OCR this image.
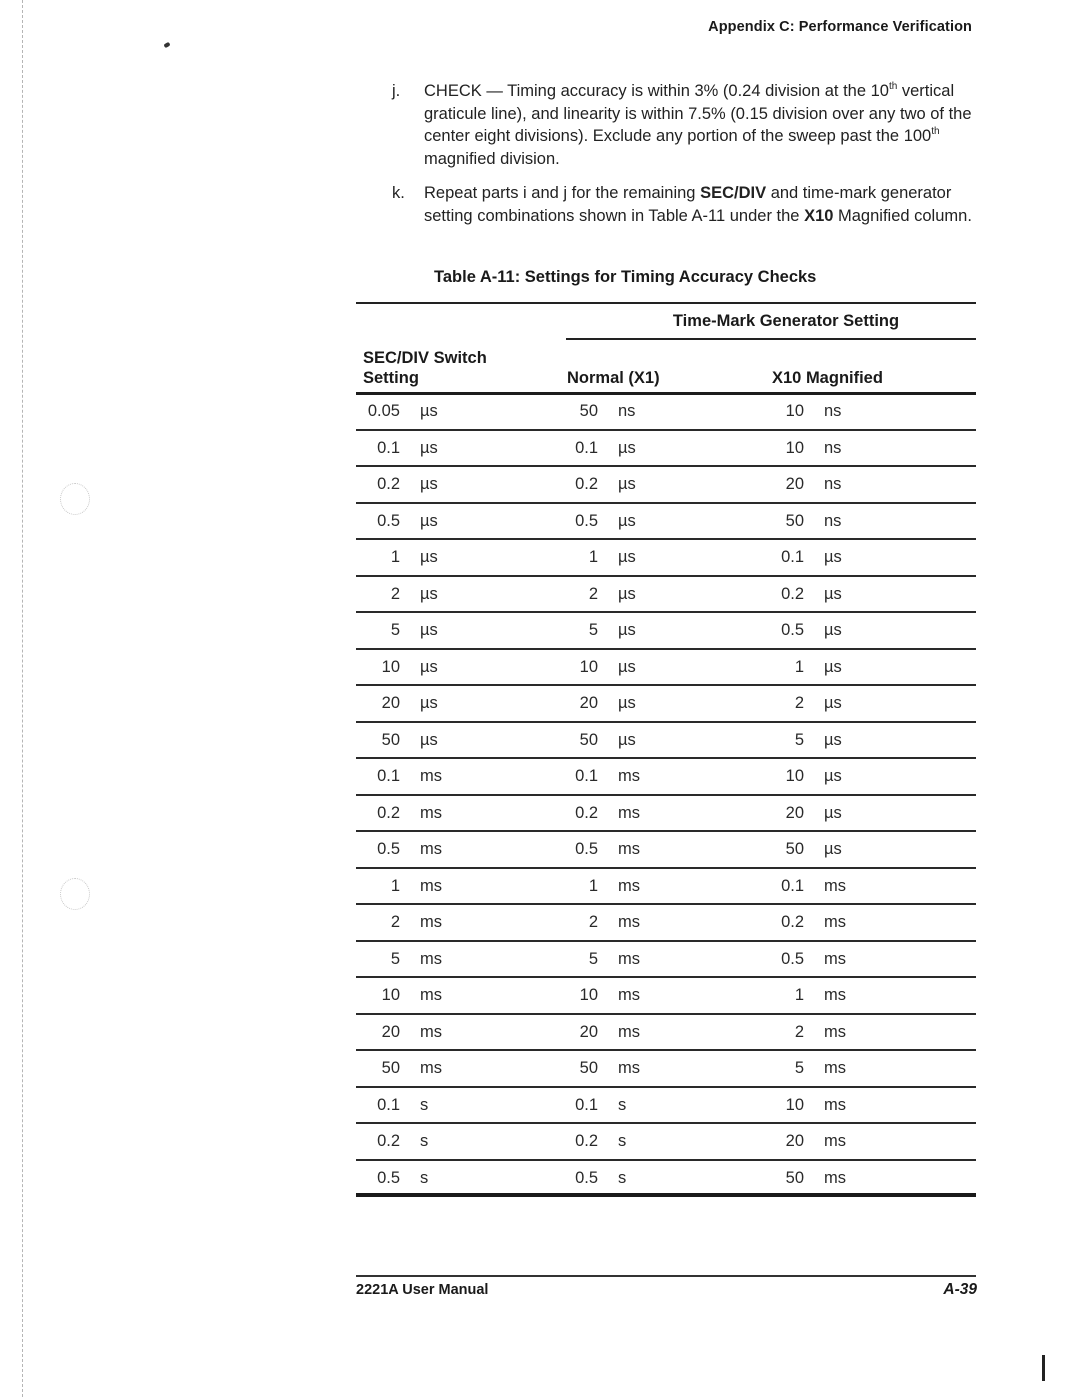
Appendix C: Performance Verification
j. CHECK — Timing accuracy is within 3% (0.24 division at the 10th vertical graticule line), and linearity is within 7.5% (0.15 division over any two of the center eight divisions). Exclude any portion of the sweep past the 100th magnified division.
k. Repeat parts i and j for the remaining SEC/DIV and time-mark generator setting combinations shown in Table A-11 under the X10 Magnified column.
Table A-11: Settings for Timing Accuracy Checks
Time-Mark Generator Setting
SEC/DIV Switch
Setting	Normal (X1)	X10 Magnified
0.05 µs	50 ns	10 ns
0.1 µs	0.1 µs	10 ns
0.2 µs	0.2 µs	20 ns
0.5 µs	0.5 µs	50 ns
1 µs	1 µs	0.1 µs
2 µs	2 µs	0.2 µs
5 µs	5 µs	0.5 µs
10 µs	10 µs	1 µs
20 µs	20 µs	2 µs
50 µs	50 µs	5 µs
0.1 ms	0.1 ms	10 µs
0.2 ms	0.2 ms	20 µs
0.5 ms	0.5 ms	50 µs
1 ms	1 ms	0.1 ms
2 ms	2 ms	0.2 ms
5 ms	5 ms	0.5 ms
10 ms	10 ms	1 ms
20 ms	20 ms	2 ms
50 ms	50 ms	5 ms
0.1 s	0.1 s	10 ms
0.2 s	0.2 s	20 ms
0.5 s	0.5 s	50 ms
2221A User Manual	A-39
